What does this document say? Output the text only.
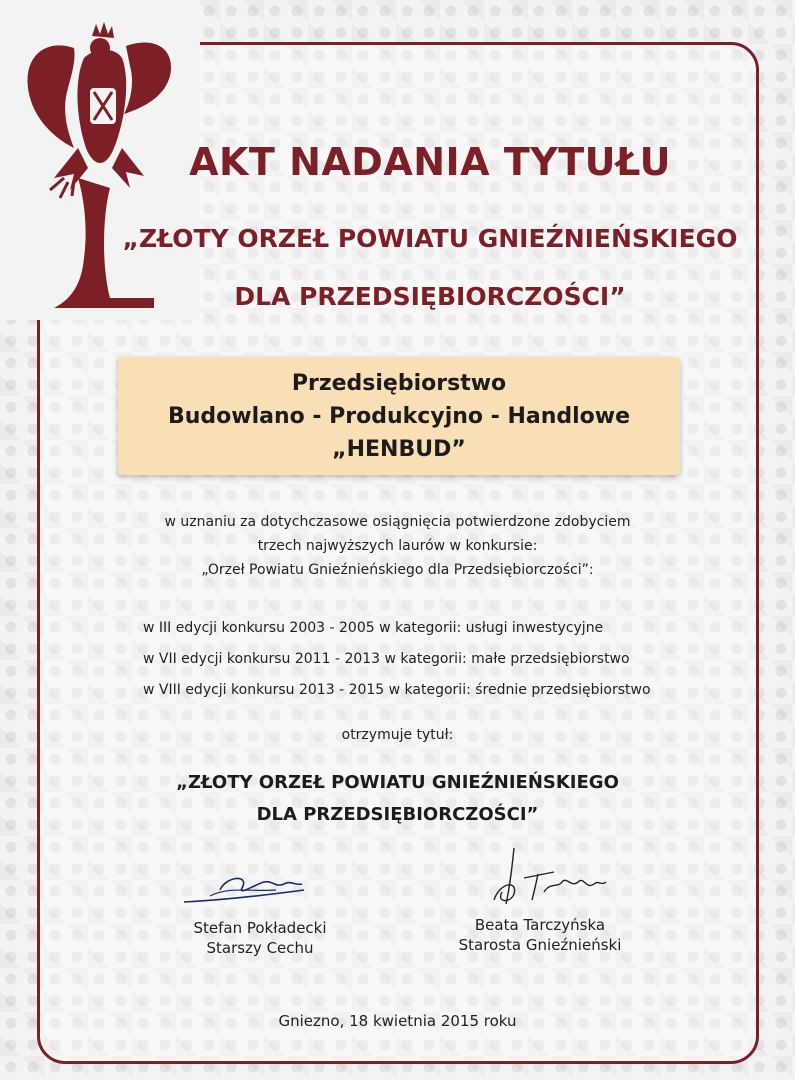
AKT NADANIA TYTUŁU
„ZŁOTY ORZEŁ POWIATU GNIEŹNIEŃSKIEGO
DLA PRZEDSIĘBIORCZOŚCI”
Przedsiębiorstwo
Budowlano - Produkcyjno - Handlowe
„HENBUD”
w uznaniu za dotychczasowe osiągnięcia potwierdzone zdobyciem
trzech najwyższych laurów w konkursie:
„Orzeł Powiatu Gnieźnieńskiego dla Przedsiębiorczości”:
w III edycji konkursu 2003 - 2005 w kategorii: usługi inwestycyjne
w VII edycji konkursu 2011 - 2013 w kategorii: małe przedsiębiorstwo
w VIII edycji konkursu 2013 - 2015 w kategorii: średnie przedsiębiorstwo
otrzymuje tytuł:
„ZŁOTY ORZEŁ POWIATU GNIEŹNIEŃSKIEGO
DLA PRZEDSIĘBIORCZOŚCI”
Stefan Pokładecki
Starszy Cechu
Beata Tarczyńska
Starosta Gnieźnieński
Gniezno, 18 kwietnia 2015 roku
